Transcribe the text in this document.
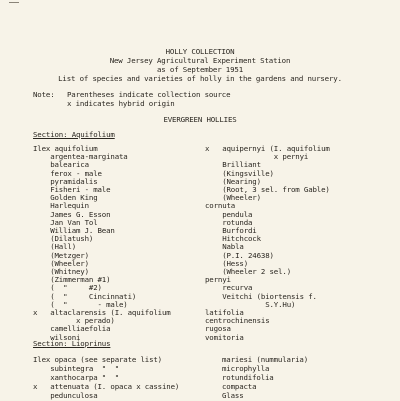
HOLLY COLLECTION
New Jersey Agricultural Experiment Station
as of September 1951
List of species and varieties of holly in the gardens and nursery.
Note: Parentheses indicate collection source
x indicates hybrid origin
EVERGREEN HOLLIES
Section: Aquifolium
Ilex aquifolium
argentea-marginata
balearica
ferox - male
pyramidalis
Fisheri - male
Golden King
Harlequin
James G. Esson
Jan Van Tol
William J. Bean
(Dilatush)
(Hall)
(Metzger)
(Wheeler)
(Whitney)
(Zimmerman #1)
(  "     #2)
(  "     Cincinnati)
(  "       - male)
x   altaclarensis (I. aquifolium
x perado)
camelliaefolia
wilsoni
x   aquipernyi (I. aquifolium
x pernyi
Brilliant
(Kingsville)
(Nearing)
(Root, 3 sel. from Gable)
(Wheeler)
cornuta
pendula
rotunda
Burfordi
Hitchcock
Nabla
(P.I. 24638)
(Hess)
(Wheeler 2 sel.)
pernyi
recurva
Veitchi (biortensis f.
S.Y.Hu)
latifolia
centrochinensis
rugosa
vomitoria
Section: Lioprinus
Ilex opaca (see separate list)
subintegra  "  "
xanthocarpa "  "
x   attenuata (I. opaca x cassine)
pedunculosa
mariesi (nummularia)
microphylla
rotundifolia
compacta
Glass
